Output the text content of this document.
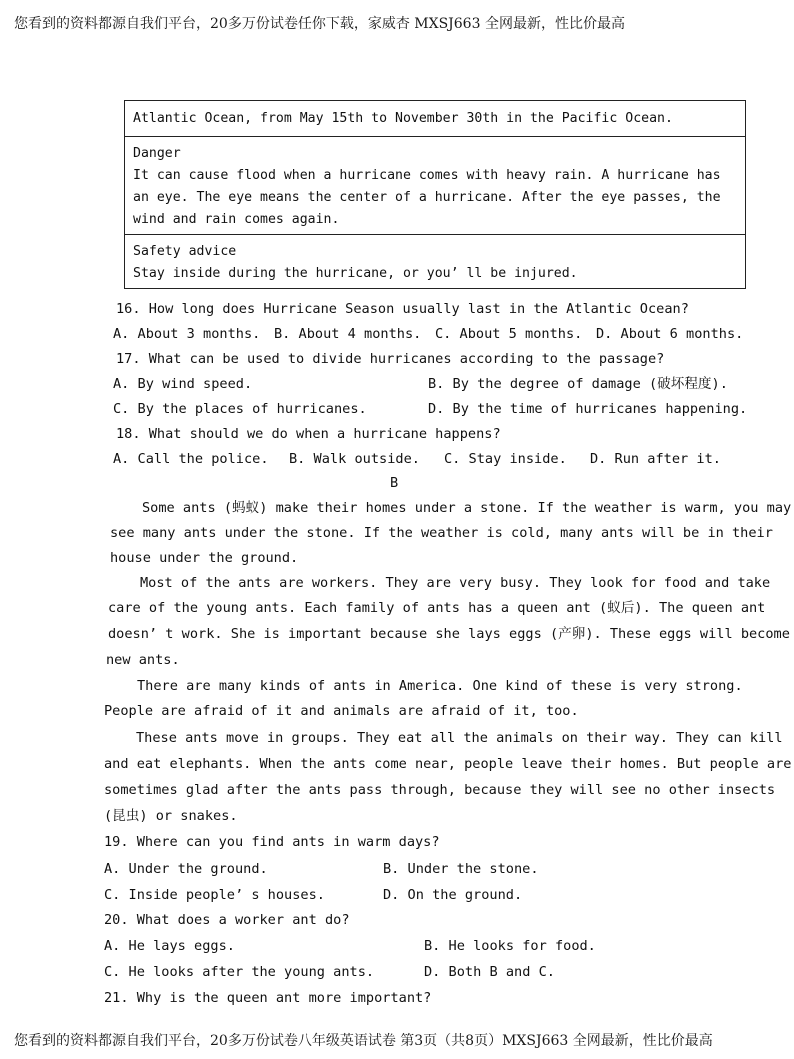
您看到的资料都源自我们平台，20多万份试卷任你下载，家威杏 MXSJ663 全网最新，性比价最高

Atlantic Ocean, from May 15th to November 30th in the Pacific Ocean.

Danger

It can cause flood when a hurricane comes with heavy rain. A hurricane has an eye. The eye means the center of a hurricane. After the eye passes, the wind and rain comes again.

Safety advice

Stay inside during the hurricane, or you’ ll be injured.

16. How long does Hurricane Season usually last in the Atlantic Ocean?
A. About 3 months. B. About 4 months. C. About 5 months. D. About 6 months.
17. What can be used to divide hurricanes according to the passage?
A. By wind speed.	B. By the degree of damage (破坏程度).
C. By the places of hurricanes.	D. By the time of hurricanes happening.
18. What should we do when a hurricane happens?
A. Call the police. B. Walk outside. C. Stay inside. D. Run after it.
B
Some ants (蚂蚁) make their homes under a stone. If the weather is warm, you may
see many ants under the stone. If the weather is cold, many ants will be in their
house under the ground.
Most of the ants are workers. They are very busy. They look for food and take
care of the young ants. Each family of ants has a queen ant (蚁后). The queen ant
doesn’ t work. She is important because she lays eggs (产卵). These eggs will become
new ants.
There are many kinds of ants in America. One kind of these is very strong.
People are afraid of it and animals are afraid of it, too.
These ants move in groups. They eat all the animals on their way. They can kill
and eat elephants. When the ants come near, people leave their homes. But people are
sometimes glad after the ants pass through, because they will see no other insects
(昆虫) or snakes.
19. Where can you find ants in warm days?
A. Under the ground.	B. Under the stone.
C. Inside people’ s houses.	D. On the ground.
20. What does a worker ant do?
A. He lays eggs.	B. He looks for food.
C. He looks after the young ants.	D. Both B and C.
21. Why is the queen ant more important?
您看到的资料都源自我们平台，20多万份试卷八年级英语试卷 第3页（共8页）MXSJ663 全网最新，性比价最高
